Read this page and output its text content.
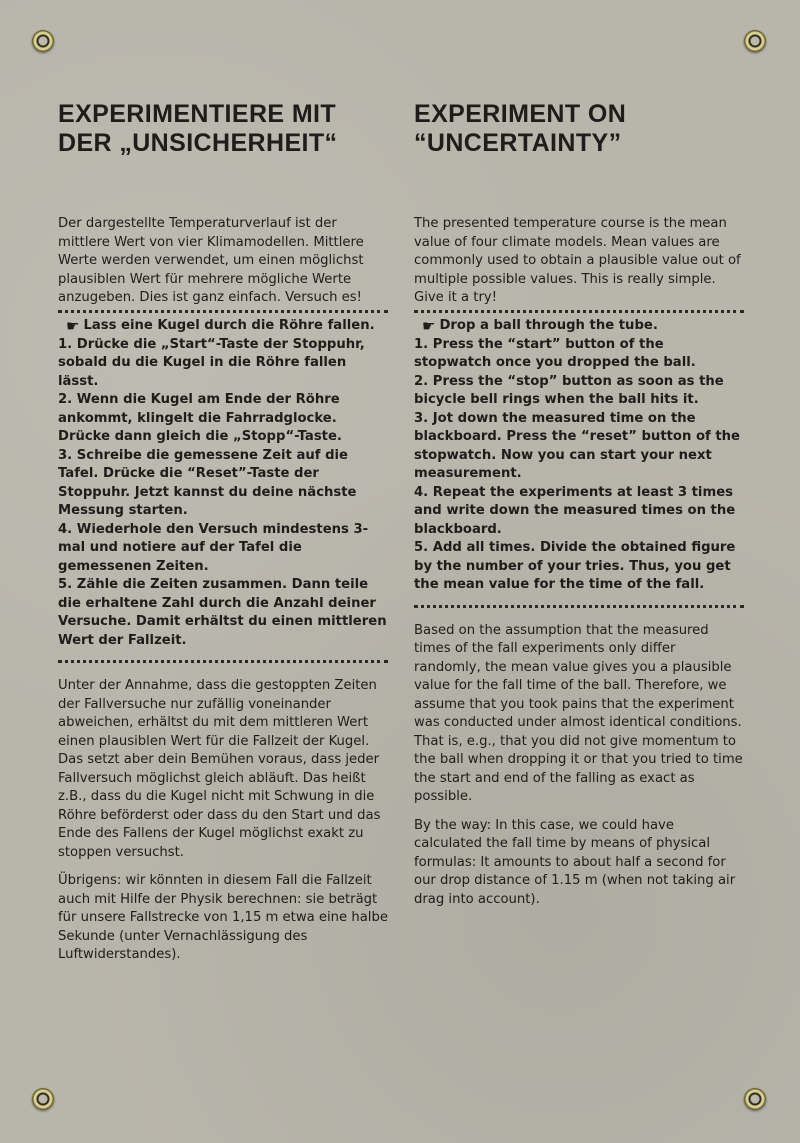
EXPERIMENTIERE MIT
DER „UNSICHERHEIT“

Der dargestellte Temperaturverlauf ist der mittlere Wert von vier Klimamodellen. Mittlere Werte werden verwendet, um einen möglichst plausiblen Wert für mehrere mögliche Werte anzugeben. Dies ist ganz einfach. Versuch es!

☛ Lass eine Kugel durch die Röhre fallen.

1. Drücke die „Start“-Taste der Stoppuhr, sobald du die Kugel in die Röhre fallen lässt.

2. Wenn die Kugel am Ende der Röhre ankommt, klingelt die Fahrradglocke. Drücke dann gleich die „Stopp“-Taste.

3. Schreibe die gemessene Zeit auf die Tafel. Drücke die “Reset”-Taste der Stoppuhr. Jetzt kannst du deine nächste Messung starten.

4. Wiederhole den Versuch mindestens 3-mal und notiere auf der Tafel die gemessenen Zeiten.

5. Zähle die Zeiten zusammen. Dann teile die erhaltene Zahl durch die Anzahl deiner Versuche. Damit erhältst du einen mittleren Wert der Fallzeit.

Unter der Annahme, dass die gestoppten Zeiten der Fallversuche nur zufällig voneinander abweichen, erhältst du mit dem mittleren Wert einen plausiblen Wert für die Fallzeit der Kugel. Das setzt aber dein Bemühen voraus, dass jeder Fallversuch möglichst gleich abläuft. Das heißt z.B., dass du die Kugel nicht mit Schwung in die Röhre beförderst oder dass du den Start und das Ende des Fallens der Kugel möglichst exakt zu stoppen versuchst.

Übrigens: wir könnten in diesem Fall die Fallzeit auch mit Hilfe der Physik berechnen: sie beträgt für unsere Fallstrecke von 1,15 m etwa eine halbe Sekunde (unter Vernachlässigung des Luftwiderstandes).

EXPERIMENT ON
“UNCERTAINTY”

The presented temperature course is the mean value of four climate models. Mean values are commonly used to obtain a plausible value out of multiple possible values. This is really simple. Give it a try!

☛ Drop a ball through the tube.

1. Press the “start” button of the stopwatch once you dropped the ball.

2. Press the “stop” button as soon as the bicycle bell rings when the ball hits it.

3. Jot down the measured time on the blackboard. Press the “reset” button of the stopwatch. Now you can start your next measurement.

4. Repeat the experiments at least 3 times and write down the measured times on the blackboard.

5. Add all times. Divide the obtained figure by the number of your tries. Thus, you get the mean value for the time of the fall.

Based on the assumption that the measured times of the fall experiments only differ randomly, the mean value gives you a plausible value for the fall time of the ball. Therefore, we assume that you took pains that the experiment was conducted under almost identical conditions. That is, e.g., that you did not give momentum to the ball when dropping it or that you tried to time the start and end of the falling as exact as possible.

By the way: In this case, we could have calculated the fall time by means of physical formulas: It amounts to about half a second for our drop distance of 1.15 m (when not taking air drag into account).
